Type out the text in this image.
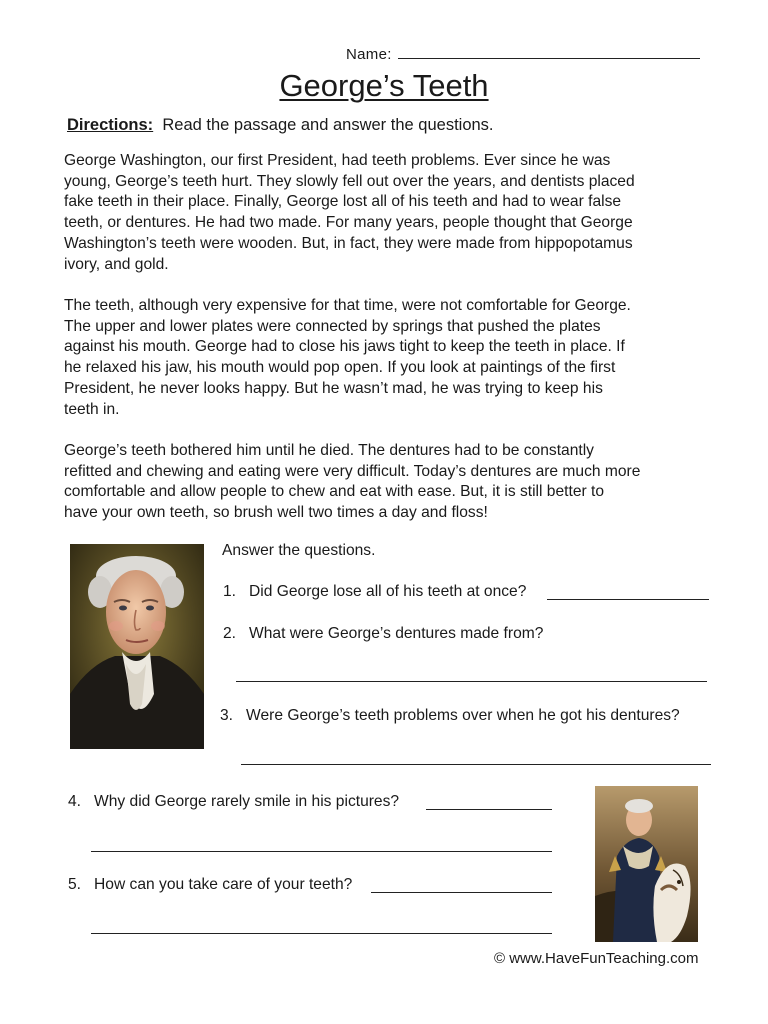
Name:
George’s Teeth
Directions: Read the passage and answer the questions.

George Washington, our first President, had teeth problems. Ever since he was

young, George’s teeth hurt. They slowly fell out over the years, and dentists placed

fake teeth in their place. Finally, George lost all of his teeth and had to wear false

teeth, or dentures. He had two made. For many years, people thought that George

Washington’s teeth were wooden. But, in fact, they were made from hippopotamus

ivory, and gold.

The teeth, although very expensive for that time, were not comfortable for George.

The upper and lower plates were connected by springs that pushed the plates

against his mouth. George had to close his jaws tight to keep the teeth in place. If

he relaxed his jaw, his mouth would pop open. If you look at paintings of the first

President, he never looks happy. But he wasn’t mad, he was trying to keep his

teeth in.

George’s teeth bothered him until he died. The dentures had to be constantly

refitted and chewing and eating were very difficult. Today’s dentures are much more

comfortable and allow people to chew and eat with ease. But, it is still better to

have your own teeth, so brush well two times a day and floss!

Answer the questions.
1. Did George lose all of his teeth at once?
2. What were George’s dentures made from?
3. Were George’s teeth problems over when he got his dentures?
4. Why did George rarely smile in his pictures?
5. How can you take care of your teeth?
© www.HaveFunTeaching.com
